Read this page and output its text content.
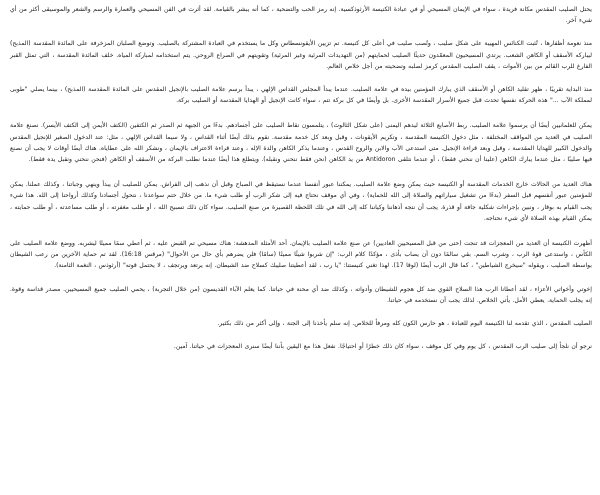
يحتل الصليب المقدس مكانة فريدة ، سواء في الإيمان المسيحي أو في عبادة الكنيسة الأرثوذكسية. إنه رمز الحب والتضحية ، كما أنه يبشر بالقيامة. لقد أثرت في الفن المسيحي والعمارة والرسم والشعر والموسيقى أكثر من أي شيء آخر.

منذ نعومة أظفارها ، تُثبت الكنائس المهيبة على شكل صليب ، وتُصب صليب في أعلى كل كنيسة. تم تزيين الأيقونسطاس وكل ما يستخدم في العبادة المشتركة بالصليب. وتوضع الصلبان المزخرفة على المائدة المقدسة (المذبح) ليباركه الأسقف أو الكاهن الشعب. يرتدي المسيحيون المعمّدون حديثًا الصليب لحمايتهم (من التهديدات المرئية وغير المرئية) وتقويتهم في الصراع الروحي. يتم استخدامه لمباركة المياه. خلف المائدة المقدسة ، التي تمثل القبر الفارغ للرب القائم من بين الأموات ، يقف الصليب المقدس كرمز لصلبه وتضحيته من أجل خلاص العالم.

منذ البداية تقريبًا ، ظهر تقليد الكاهن أو الأسقف الذي يبارك المؤمنين بيده في علامة الصليب. عندما يبدأ المجلس القداس الإلهي ، يبدأ برسم علامة الصليب بالإنجيل المقدس على المائدة المقدسة (المذبح) ، بينما يصلي "طوبى لمملكة الآب ..." هذه الحركة نفسها تحدث قبل جميع الأسرار المقدسة الأخرى. بل وأيضًا في كل بركة تتم ، سواء كانت الإنجيل أو الهدايا المقدسة أو الصليب بركة.

يمكن للعلمانيين أيضًا أن يرسموا علامة الصليب. ربط الأصابع الثلاثة ليدهم اليمنى (على شكل الثالوث) ، يتلمسون نقاط الصليب على أجسادهم. بدءًا من الجبهة ثم الصدر ثم الكتفين (الكتف الأيمن إلى الكتف الأيسر). نصنع علامة الصليب في العديد من المواقف المختلفة ، مثل دخول الكنيسة المقدسة ، وتكريم الأيقونات ، وقبل وبعد كل خدمة مقدسة. نقوم بذلك أيضًا أثناء القداس ، ولا سيما القداس الإلهي ، مثل: عند الدخول الصغير للإنجيل المقدس والدخول الكبير للهدايا المقدسة ، وقبل وبعد قراءة الإنجيل. متى استدعى الآب والابن والروح القدس ، وعندما يذكر الكاهن والدة الإله ، وعند قراءة الاعتراف بالإيمان ، ونشكر الله على عطاياه. هناك أيضًا أوقات لا يجب أن نصنع فيها صليبًا ، مثل عندما يبارك الكاهن (علينا أن ننحني فقط) ، أو عندما نتلقى Antidoron من يد الكاهن (نحن فقط ننحني ونقبله). ويتطلع هذا أيضًا عندما نطلب البركة من الأسقف أو الكاهن (فنحن ننحني ونقبل يده فقط).

هناك العديد من الحالات خارج الخدمات المقدسة أو الكنيسة حيث يمكن وضع علامة الصليب. يمكننا عبور أنفسنا عندما نستيقظ في الصباح وقبل أن نذهب إلى الفراش. يمكن للصليب أن يبدأ وينهي وجباتنا ، وكذلك عملنا. يمكن للمؤمنين عبور أنفسهم قبل السفر (بدءًا من تشغيل سياراتهم والصلاة إلى الله للحماية) ، وفي أي موقف نحتاج فيه إلى شكر الرب أو طلب شيء ما. من خلال حتم سواعدنا ، نتحول أجسادنا وكذلك أرواحنا إلى الله. هذا شيء يجب القيام به بوقار ، ونبين بإجراءات شكلية جافة أو قذرة. يجب أن نتجه أذهاننا وكياننا كله إلى الله في تلك اللحظة القصيرة من صنع الصليب. سواء كان ذلك تسبيح الله ، أو طلب مغفرته ، أو طلب مساعدته ، أو طلب حمايته ، يمكن القيام بهذه الصلاة لأي شيء نحتاجه.

أظهرت الكنيسة أن العديد من المعجزات قد تنجت (حتى من قبل المسيحيين العاديين) عن صنع علامة الصليب بالإيمان. أحد الأمثلة المدهشة: هناك مسيحي تم القبض عليه ، ثم أعطي سمًا مميتًا ليشربه. ووضع علامة الصليب على الكأس ، واستدعى قوة الرب ، وشرب السم. بقي سالمًا دون أن يصاب بأذى ، مؤكدًا كلام الرب: "إن شربوا شيئًا مميتًا (سامًا) فلن يضرهم بأي حال من الأحوال" (مرقس 16:18). لقد تم حماية الآخرين من رعب الشيطان بواسطة الصليب ، ويقوله "سيخرج الشياطين" ، كما قال الرب أيضًا (لوقا 17). لهذا تغني كنيستنا: "يا رب ، لقد أعطيتنا صليبك كسلاح ضد الشيطان. إنه يرتعد ويرتجف ، لا يحتمل قوته" (أرثوذس ، النغمة الثامنة).

إخوتي وأخواتي الأعزاء ، لقد أعطانا الرب هذا السلاح القوي ضد كل هجوم للشيطان وأدواته ، وكذلك ضد أي محنة في حياتنا. كما يعلم الآباء القديسون (من خلال التجربة) ، يحمي الصليب جميع المسيحيين. مصدر قداسة وقوة. إنه يجلب الحماية. يعطي الأمل. يأتي الخلاص. لذلك يجب أن نستخدمه في حياتنا.

الصليب المقدس ، الذي تقدمه لنا الكنيسة اليوم للعبادة ، هو حارس الكون كله ومرفأ للخلاص. إنه سلم يأخذنا إلى الجنة ، وإلى أكثر من ذلك بكثير.

نرجو أن نلجأ إلى صليب الرب المقدس ، كل يوم وفي كل موقف ، سواء كان ذلك خطرًا أو احتياجًا. نفعل هذا مع اليقين بأننا أيضًا سنرى المعجزات في حياتنا. آمين.
